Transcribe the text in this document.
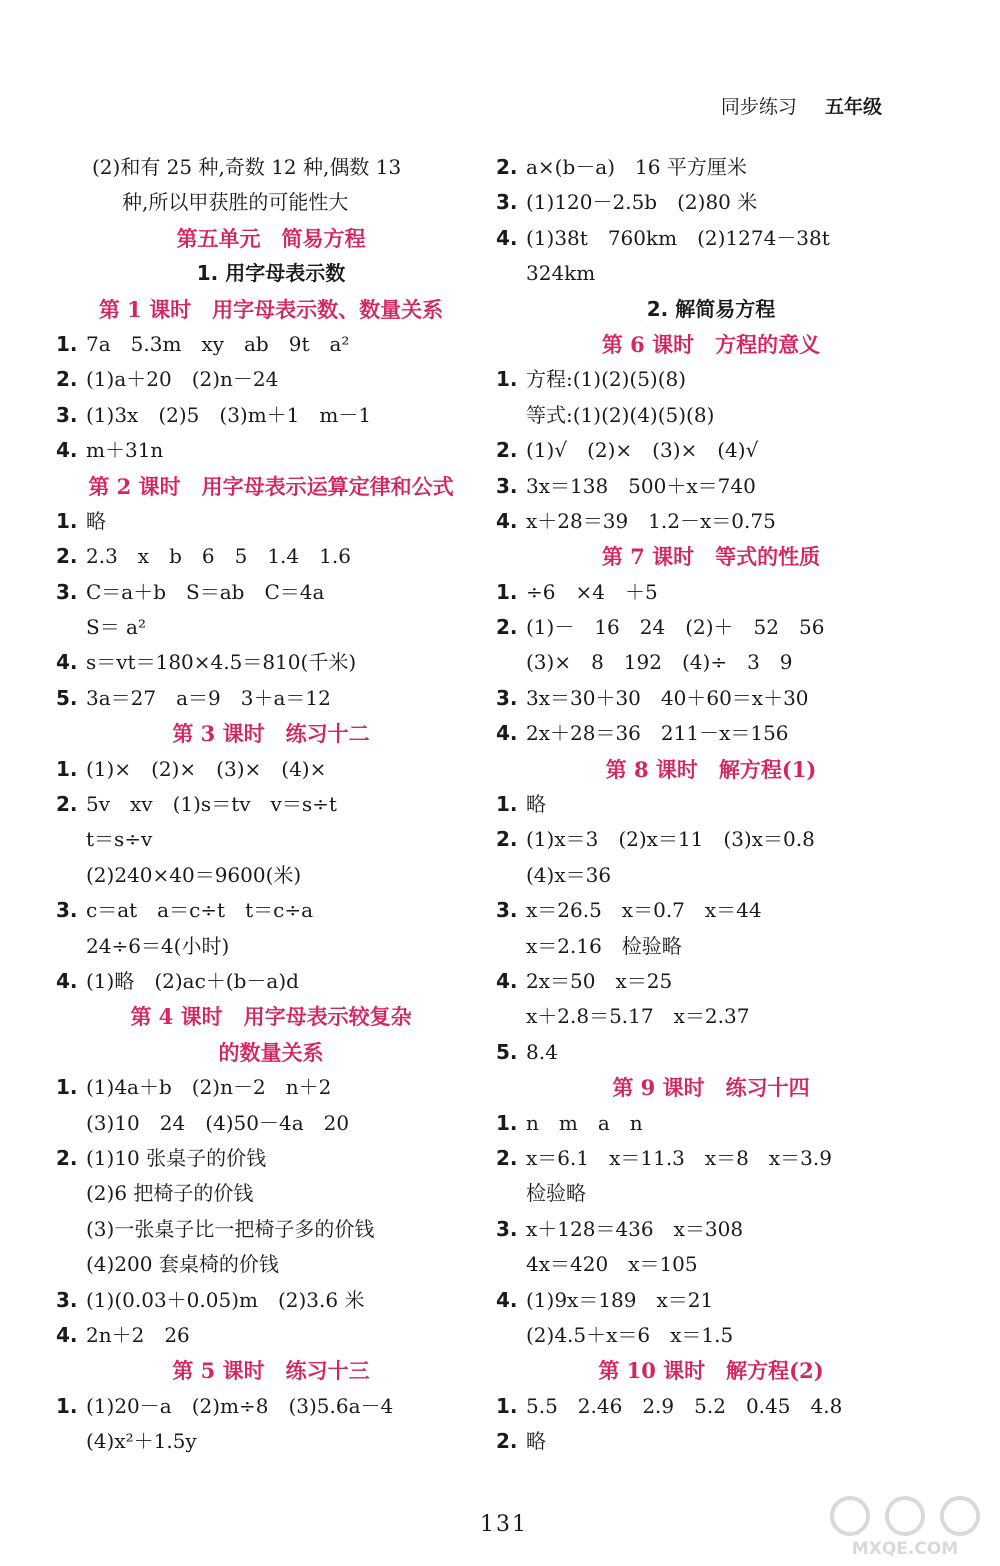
同步练习 五年级
(2)和有 25 种,奇数 12 种,偶数 13
种,所以甲获胜的可能性大
第五单元　简易方程
1. 用字母表示数
第 1 课时　用字母表示数、数量关系
1. 7a　5.3m　xy　ab　9t　a²
2. (1)a＋20　(2)n－24
3. (1)3x　(2)5　(3)m＋1　m－1
4. m＋31n
第 2 课时　用字母表示运算定律和公式
1. 略
2. 2.3　x　b　6　5　1.4　1.6
3. C＝a＋b　S＝ab　C＝4a
S＝ a²
4. s＝vt＝180×4.5＝810(千米)
5. 3a＝27　a＝9　3＋a＝12
第 3 课时　练习十二
1. (1)×　(2)×　(3)×　(4)×
2. 5v　xv　(1)s＝tv　v＝s÷t
t＝s÷v
(2)240×40＝9600(米)
3. c＝at　a＝c÷t　t＝c÷a
24÷6＝4(小时)
4. (1)略　(2)ac＋(b－a)d
第 4 课时　用字母表示较复杂
的数量关系
1. (1)4a＋b　(2)n－2　n＋2
(3)10　24　(4)50－4a　20
2. (1)10 张桌子的价钱
(2)6 把椅子的价钱
(3)一张桌子比一把椅子多的价钱
(4)200 套桌椅的价钱
3. (1)(0.03＋0.05)m　(2)3.6 米
4. 2n＋2　26
第 5 课时　练习十三
1. (1)20－a　(2)m÷8　(3)5.6a－4
(4)x²＋1.5y
2. a×(b－a)　16 平方厘米
3. (1)120－2.5b　(2)80 米
4. (1)38t　760km　(2)1274－38t
324km
2. 解简易方程
第 6 课时　方程的意义
1. 方程:(1)(2)(5)(8)
等式:(1)(2)(4)(5)(8)
2. (1)√　(2)×　(3)×　(4)√
3. 3x＝138　500＋x＝740
4. x＋28＝39　1.2－x＝0.75
第 7 课时　等式的性质
1. ÷6　×4　＋5
2. (1)－　16　24　(2)＋　52　56
(3)×　8　192　(4)÷　3　9
3. 3x＝30＋30　40＋60＝x＋30
4. 2x＋28＝36　211－x＝156
第 8 课时　解方程(1)
1. 略
2. (1)x＝3　(2)x＝11　(3)x＝0.8
(4)x＝36
3. x＝26.5　x＝0.7　x＝44
x＝2.16　检验略
4. 2x＝50　x＝25
x＋2.8＝5.17　x＝2.37
5. 8.4
第 9 课时　练习十四
1. n　m　a　n
2. x＝6.1　x＝11.3　x＝8　x＝3.9
检验略
3. x＋128＝436　x＝308
4x＝420　x＝105
4. (1)9x＝189　x＝21
(2)4.5＋x＝6　x＝1.5
第 10 课时　解方程(2)
1. 5.5　2.46　2.9　5.2　0.45　4.8
2. 略
131
MXQE.COM
